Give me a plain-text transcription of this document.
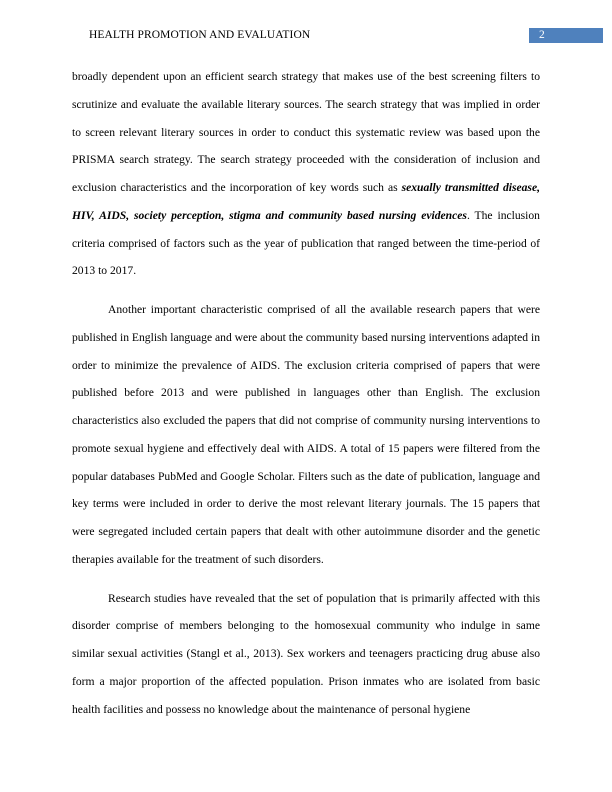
HEALTH PROMOTION AND EVALUATION	2

broadly dependent upon an efficient search strategy that makes use of the best screening filters to scrutinize and evaluate the available literary sources. The search strategy that was implied in order to screen relevant literary sources in order to conduct this systematic review was based upon the PRISMA search strategy. The search strategy proceeded with the consideration of inclusion and exclusion characteristics and the incorporation of key words such as sexually transmitted disease, HIV, AIDS, society perception, stigma and community based nursing evidences. The inclusion criteria comprised of factors such as the year of publication that ranged between the time-period of 2013 to 2017.

Another important characteristic comprised of all the available research papers that were published in English language and were about the community based nursing interventions adapted in order to minimize the prevalence of AIDS. The exclusion criteria comprised of papers that were published before 2013 and were published in languages other than English. The exclusion characteristics also excluded the papers that did not comprise of community nursing interventions to promote sexual hygiene and effectively deal with AIDS. A total of 15 papers were filtered from the popular databases PubMed and Google Scholar. Filters such as the date of publication, language and key terms were included in order to derive the most relevant literary journals. The 15 papers that were segregated included certain papers that dealt with other autoimmune disorder and the genetic therapies available for the treatment of such disorders.

Research studies have revealed that the set of population that is primarily affected with this disorder comprise of members belonging to the homosexual community who indulge in same similar sexual activities (Stangl et al., 2013). Sex workers and teenagers practicing drug abuse also form a major proportion of the affected population. Prison inmates who are isolated from basic health facilities and possess no knowledge about the maintenance of personal hygiene
